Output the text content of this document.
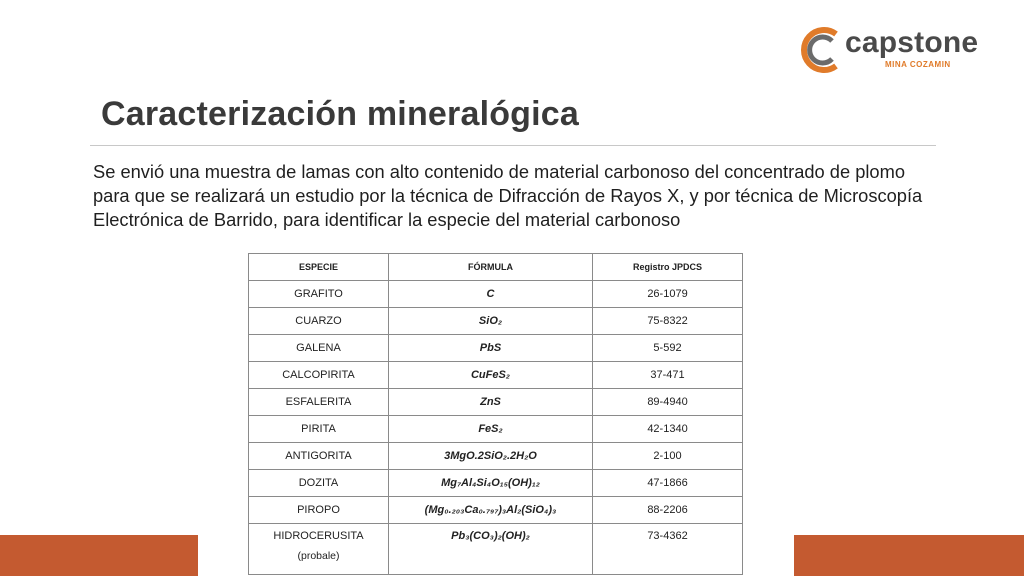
capstone
MINA COZAMIN
Caracterización mineralógica

Se envió una muestra de lamas con alto contenido de material carbonoso del concentrado de plomo para que se realizará un estudio por la técnica de Difracción de Rayos X, y por técnica de Microscopía Electrónica de Barrido, para identificar la especie del material carbonoso

ESPECIE	FÓRMULA	Registro JPDCS
GRAFITO	C	26-1079
CUARZO	SiO₂	75-8322
GALENA	PbS	5-592
CALCOPIRITA	CuFeS₂	37-471
ESFALERITA	ZnS	89-4940
PIRITA	FeS₂	42-1340
ANTIGORITA	3MgO.2SiO₂.2H₂O	2-100
DOZITA	Mg₇Al₄Si₄O₁₅(OH)₁₂	47-1866
PIROPO	(Mg₀.₂₀₃Ca₀.₇₉₇)₃Al₂(SiO₄)₃	88-2206
HIDROCERUSITA
(probale)	Pb₃(CO₃)₂(OH)₂	73-4362
